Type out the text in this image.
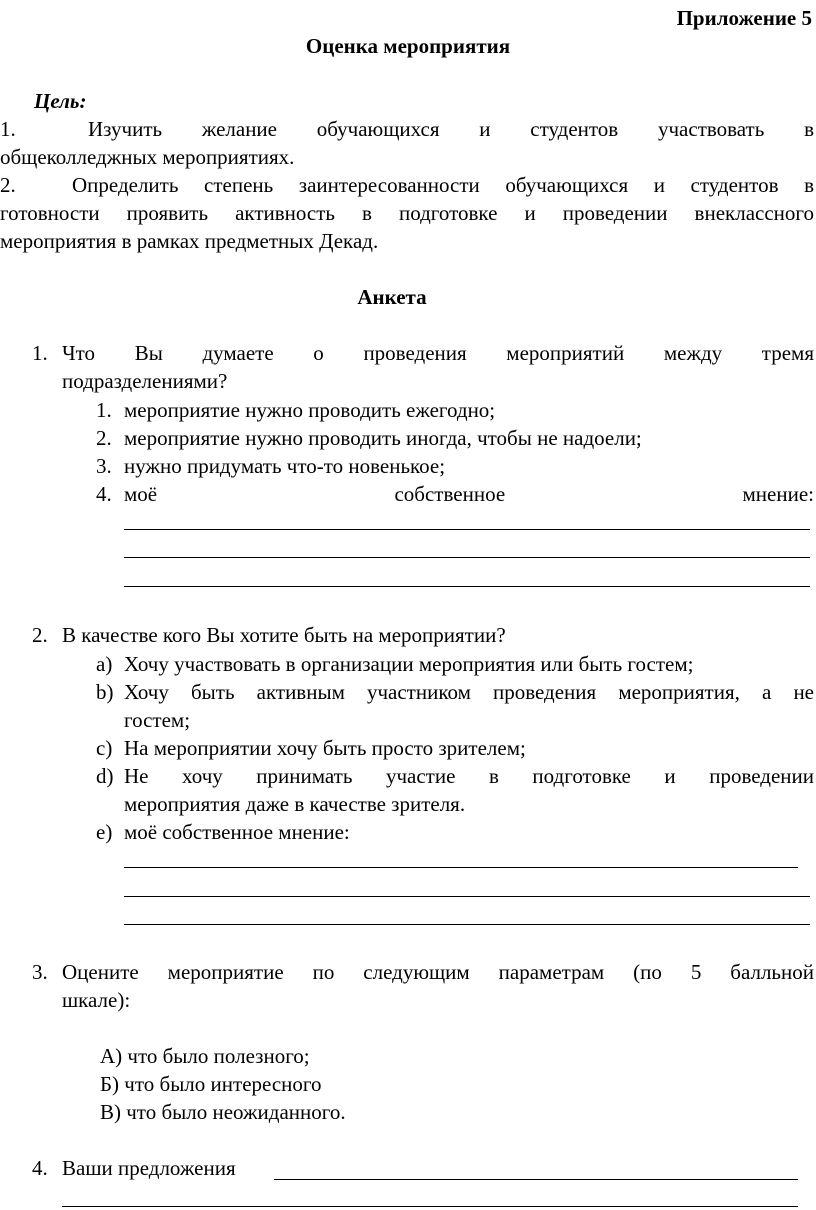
Приложение 5
Оценка мероприятия
Цель:
1.	Изучить желание обучающихся и студентов участвовать в
общеколледжных мероприятиях.
2.	Определить степень заинтересованности обучающихся и студентов в
готовности проявить активность в подготовке и проведении внеклассного
мероприятия в рамках предметных Декад.
Анкета
1. Что Вы думаете о проведения мероприятий между тремя
подразделениями?
1. мероприятие нужно проводить ежегодно;
2. мероприятие нужно проводить иногда, чтобы не надоели;
3. нужно придумать что-то новенькое;
4. моё собственное мнение:
2. В качестве кого Вы хотите быть на мероприятии?
a) Хочу участвовать в организации мероприятия или быть гостем;
b) Хочу быть активным участником проведения мероприятия, а не
гостем;
c) На мероприятии хочу быть просто зрителем;
d) Не хочу принимать участие в подготовке и проведении
мероприятия даже в качестве зрителя.
e) моё собственное мнение:
3. Оцените мероприятие по следующим параметрам (по 5 балльной
шкале):
А) что было полезного;
Б) что было интересного
В) что было неожиданного.
4. Ваши предложения
